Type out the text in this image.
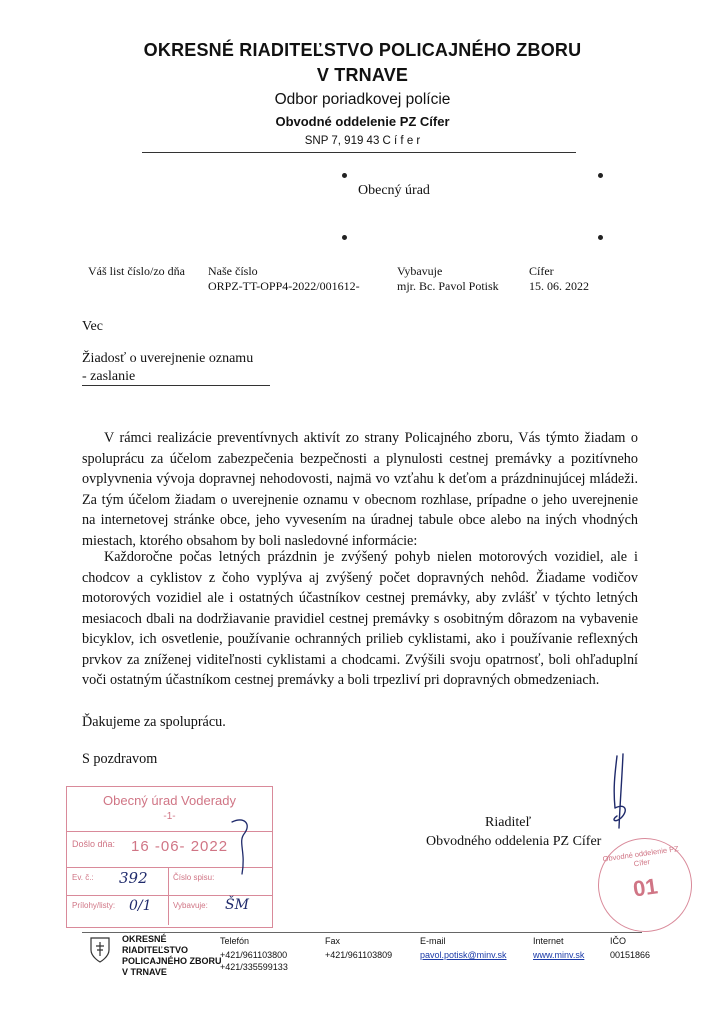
OKRESNÉ RIADITEĽSTVO POLICAJNÉHO ZBORU
V TRNAVE
Odbor poriadkovej polície
Obvodné oddelenie PZ Cífer
SNP 7, 919 43 C í f e r
Obecný úrad
Váš list číslo/zo dňa Naše číslo
ORPZ-TT-OPP4-2022/001612-
Vybavuje
mjr. Bc. Pavol Potisk
Cífer
15. 06. 2022
Vec
Žiadosť o uverejnenie oznamu
- zaslanie
V rámci realizácie preventívnych aktivít zo strany Policajného zboru, Vás týmto žiadam o spoluprácu za účelom zabezpečenia bezpečnosti a plynulosti cestnej premávky a pozitívneho ovplyvnenia vývoja dopravnej nehodovosti, najmä vo vzťahu k deťom a prázdninujúcej mládeži. Za tým účelom žiadam o uverejnenie oznamu v obecnom rozhlase, prípadne o jeho uverejnenie na internetovej stránke obce, jeho vyvesením na úradnej tabule obce alebo na iných vhodných miestach, ktorého obsahom by boli nasledovné informácie:
Každoročne počas letných prázdnin je zvýšený pohyb nielen motorových vozidiel, ale i chodcov a cyklistov z čoho vyplýva aj zvýšený počet dopravných nehôd. Žiadame vodičov motorových vozidiel ale i ostatných účastníkov cestnej premávky, aby zvlášť v týchto letných mesiacoch dbali na dodržiavanie pravidiel cestnej premávky s osobitným dôrazom na vybavenie bicyklov, ich osvetlenie, používanie ochranných prilieb cyklistami, ako i používanie reflexných prvkov za zníženej viditeľnosti cyklistami a chodcami. Zvýšili svoju opatrnosť, boli ohľaduplní voči ostatným účastníkom cestnej premávky a boli trpezliví pri dopravných obmedzeniach.
Ďakujeme za spoluprácu.
S pozdravom
Riaditeľ
Obvodného oddelenia PZ Cífer
Obvodné oddelenie PZ Cífer
01
Obecný úrad Voderady
-1-
Došlo dňa: 16 -06- 2022
Ev. č.: 392	Číslo spisu:
Prílohy/listy: 0/1	Vybavuje: ŠM
OKRESNÉ
RIADITEĽSTVO
POLICAJNÉHO ZBORU
V TRNAVE
Telefón
+421/961103800
+421/335599133
Fax
+421/961103809
E-mail
pavol.potisk@minv.sk
Internet
www.minv.sk
IČO
00151866
